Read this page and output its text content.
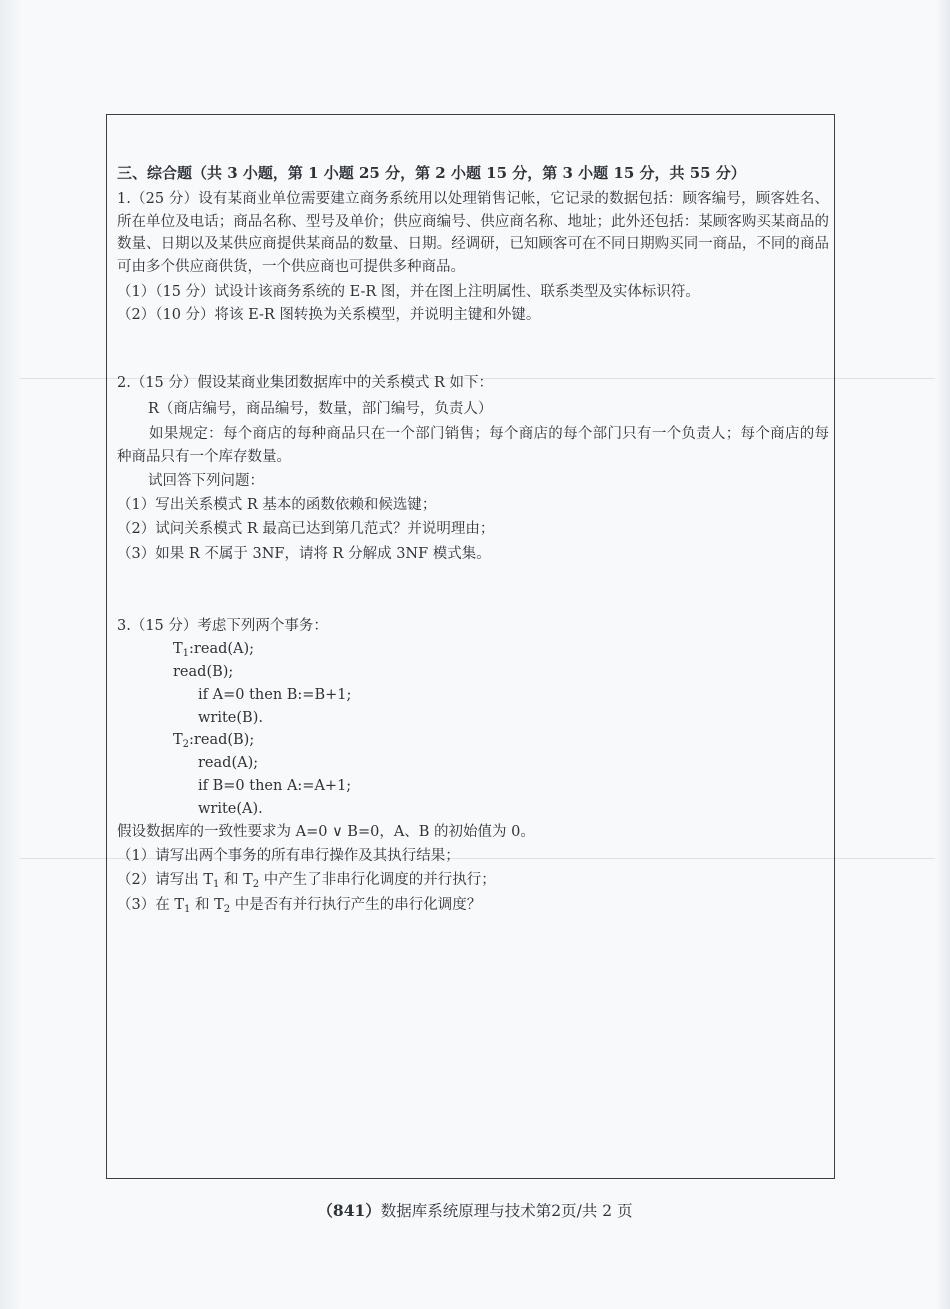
三、综合题（共 3 小题，第 1 小题 25 分，第 2 小题 15 分，第 3 小题 15 分，共 55 分）
1.（25 分）设有某商业单位需要建立商务系统用以处理销售记帐，它记录的数据包括：顾客编号，顾客姓名、所在单位及电话；商品名称、型号及单价；供应商编号、供应商名称、地址；此外还包括：某顾客购买某商品的数量、日期以及某供应商提供某商品的数量、日期。经调研，已知顾客可在不同日期购买同一商品，不同的商品可由多个供应商供货，一个供应商也可提供多种商品。
（1）（15 分）试设计该商务系统的 E-R 图，并在图上注明属性、联系类型及实体标识符。
（2）（10 分）将该 E-R 图转换为关系模型，并说明主键和外键。
2.（15 分）假设某商业集团数据库中的关系模式 R 如下：
R（商店编号，商品编号，数量，部门编号，负责人）
如果规定：每个商店的每种商品只在一个部门销售；每个商店的每个部门只有一个负责人；每个商店的每种商品只有一个库存数量。
试回答下列问题：
（1）写出关系模式 R 基本的函数依赖和候选键；
（2）试问关系模式 R 最高已达到第几范式？并说明理由；
（3）如果 R 不属于 3NF，请将 R 分解成 3NF 模式集。
3.（15 分）考虑下列两个事务：
$T_1:read(A)$;
read(B);
if A=0 then B:=B+1;
write(B).
$T_2:read(B)$;
read(A);
if B=0 then A:=A+1;
write(A).
假设数据库的一致性要求为 A=0 ∨ B=0，A、B 的初始值为 0。
（1）请写出两个事务的所有串行操作及其执行结果；
（2）请写出 $T_1$ 和 $T_2$ 中产生了非串行化调度的并行执行；
（3）在 $T_1$ 和 $T_2$ 中是否有并行执行产生的串行化调度？
（841）数据库系统原理与技术第2页/共 2 页
